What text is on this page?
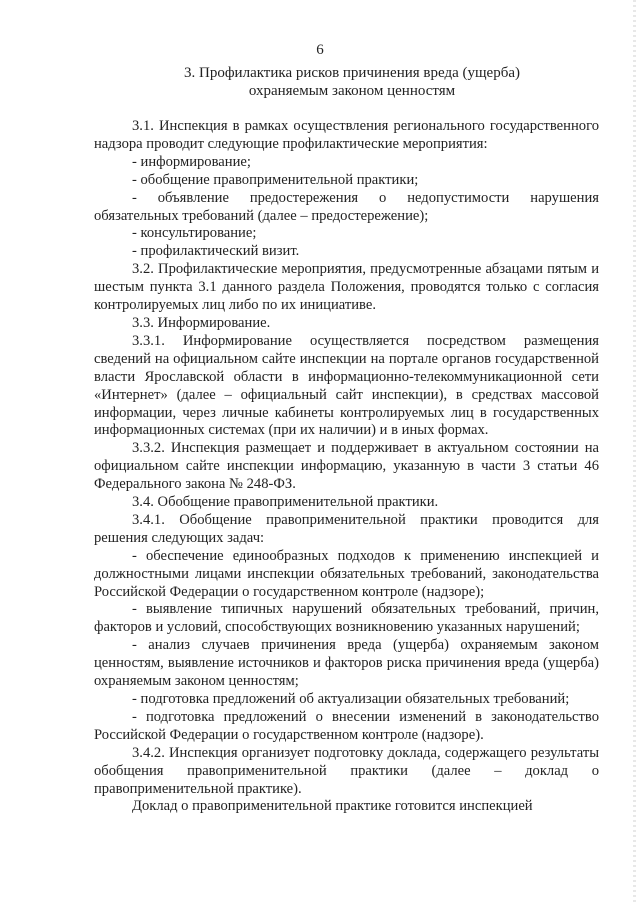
6
3. Профилактика рисков причинения вреда (ущерба)
охраняемым законом ценностям

3.1. Инспекция в рамках осуществления регионального государственного надзора проводит следующие профилактические мероприятия:

- информирование;

- обобщение правоприменительной практики;

- объявление предостережения о недопустимости нарушения обязательных требований (далее – предостережение);

- консультирование;

- профилактический визит.

3.2. Профилактические мероприятия, предусмотренные абзацами пятым и шестым пункта 3.1 данного раздела Положения, проводятся только с согласия контролируемых лиц либо по их инициативе.

3.3. Информирование.

3.3.1. Информирование осуществляется посредством размещения сведений на официальном сайте инспекции на портале органов государственной власти Ярославской области в информационно-телекоммуникационной сети «Интернет» (далее – официальный сайт инспекции), в средствах массовой информации, через личные кабинеты контролируемых лиц в государственных информационных системах (при их наличии) и в иных формах.

3.3.2. Инспекция размещает и поддерживает в актуальном состоянии на официальном сайте инспекции информацию, указанную в части 3 статьи 46 Федерального закона № 248-ФЗ.

3.4. Обобщение правоприменительной практики.

3.4.1. Обобщение правоприменительной практики проводится для решения следующих задач:

- обеспечение единообразных подходов к применению инспекцией и должностными лицами инспекции обязательных требований, законодательства Российской Федерации о государственном контроле (надзоре);

- выявление типичных нарушений обязательных требований, причин, факторов и условий, способствующих возникновению указанных нарушений;

- анализ случаев причинения вреда (ущерба) охраняемым законом ценностям, выявление источников и факторов риска причинения вреда (ущерба) охраняемым законом ценностям;

- подготовка предложений об актуализации обязательных требований;

- подготовка предложений о внесении изменений в законодательство Российской Федерации о государственном контроле (надзоре).

3.4.2. Инспекция организует подготовку доклада, содержащего результаты обобщения правоприменительной практики (далее – доклад о правоприменительной практике).

Доклад о правоприменительной практике готовится инспекцией
